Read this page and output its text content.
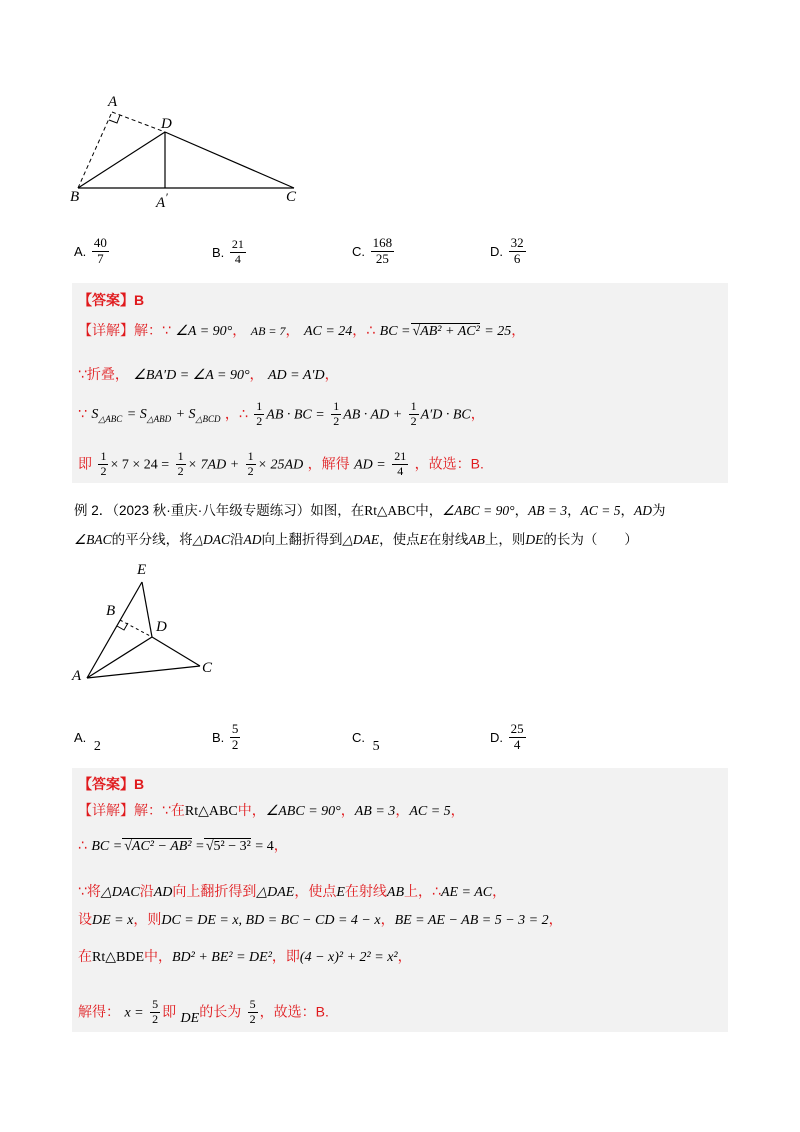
A
D
B	A′	C
A. $\frac{40}{7}$	B. $\frac{21}{4}$	C. $\frac{168}{25}$	D. $\frac{32}{6}$
【答案】B
【详解】解：∵ ∠A = 90°， AB = 7， AC = 24，∴ BC = √AB² + AC² = 25，
∵折叠， ∠BA′D = ∠A = 90°， AD = A′D，
∵ $S_{\triangle ABC} = S_{\triangle ABD} + S_{\triangle BCD}$ ，∴ $\frac{1}{2}$ AB · BC = $\frac{1}{2}$ AB · AD + $\frac{1}{2} A'D$ · BC，
即 $\frac{1}{2} \times 7 \times 24 = \frac{1}{2} \times 7AD + \frac{1}{2} \times 25AD$ ，解得 AD = $\frac{21}{4}$ ，故选：B.
例 2．（2023 秋·重庆·八年级专题练习）如图，在Rt△ABC中，∠ABC = 90°，AB = 3，AC = 5，AD为
∠BAC的平分线，将△DAC沿AD向上翻折得到△DAE，使点E在射线AB上，则DE的长为（　　）
E
B
D
A	C
A. 2
B. $\frac{5}{2}$	C. 5
D. $\frac{25}{4}$
【答案】B
【详解】解：∵在Rt△ABC中，∠ABC = 90°，AB = 3，AC = 5，
∴ BC = √AC² − AB² = √5² − 3² = 4，
∵将△DAC沿AD向上翻折得到△DAE，使点E在射线AB上，∴AE = AC，
设DE = x，则DC = DE = x, BD = BC − CD = 4 − x，BE = AE − AB = 5 − 3 = 2，
在Rt△BDE中，BD² + BE² = DE²，即(4 − x)² + 2² = x²，
解得： $x = \frac{5}{2}$ 即 DE的长为 $\frac{5}{2}$ ，故选：B.
